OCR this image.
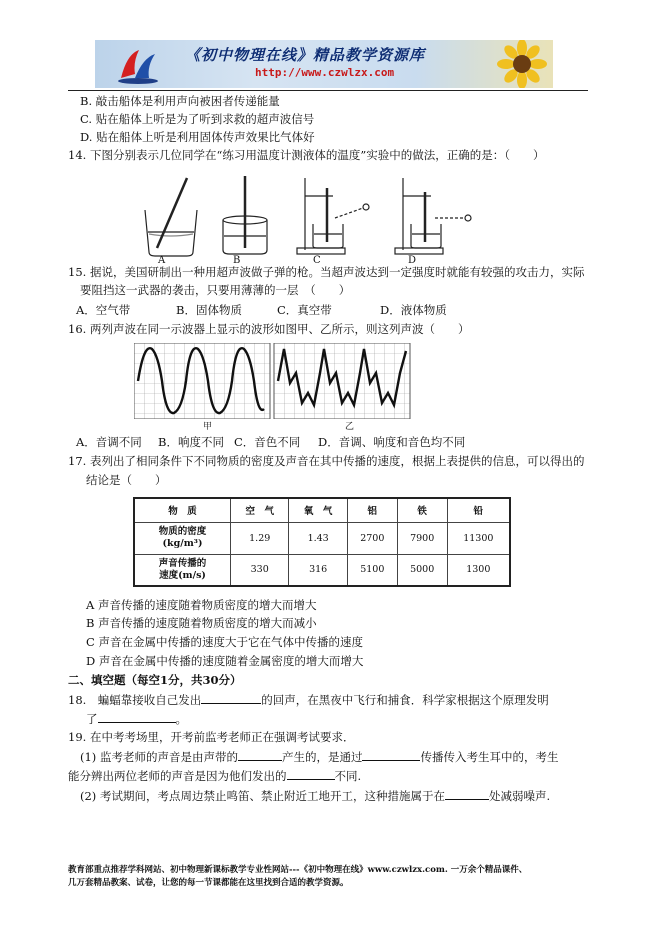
《初中物理在线》精品教学资源库
http://www.czwlzx.com
B. 敲击船体是利用声向被困者传递能量
C. 贴在船体上听是为了听到求救的超声波信号
D. 贴在船体上听是利用固体传声效果比气体好
14. 下图分别表示几位同学在“练习用温度计测液体的温度”实验中的做法，正确的是：（　　）
A	B	C	D
15. 据说，美国研制出一种用超声波做子弹的枪。当超声波达到一定强度时就能有较强的攻击力，实际
要阻挡这一武器的袭击，只要用薄薄的一层　（　　）
A．空气带	B．固体物质	C．真空带	D．液体物质
16. 两列声波在同一示波器上显示的波形如图甲、乙所示，则这列声波（　　）
甲	乙
A．音调不同 B．响度不同 C．音色不同 D．音调、响度和音色均不同
17. 表列出了相同条件下不同物质的密度及声音在其中传播的速度，根据上表提供的信息，可以得出的
结论是（　　）
物　质	空　气	氧　气	铝	铁	铅

物质的密度
(kg/m³)	1.29	1.43	2700	7900	11300

声音传播的
速度(m/s)	330	316	5100	5000	1300
A 声音传播的速度随着物质密度的增大而增大
B 声音传播的速度随着物质密度的增大而减小
C 声音在金属中传播的速度大于它在气体中传播的速度
D 声音在金属中传播的速度随着金属密度的增大而增大
二、填空题（每空1分，共30分）
18.　蝙蝠靠接收自己发出	的回声，在黑夜中飞行和捕食．科学家根据这个原理发明
了	。
19. 在中考考场里，开考前监考老师正在强调考试要求．
(1) 监考老师的声音是由声带的	产生的，是通过	传播传入考生耳中的，考生
能分辨出两位老师的声音是因为他们发出的	不同.
(2) 考试期间，考点周边禁止鸣笛、禁止附近工地开工，这种措施属于在	处减弱噪声.
教育部重点推荐学科网站、初中物理新课标教学专业性网站---《初中物理在线》www.czwlzx.com. 一万余个精品课件、
几万套精品教案、试卷，让您的每一节课都能在这里找到合适的教学资源。
